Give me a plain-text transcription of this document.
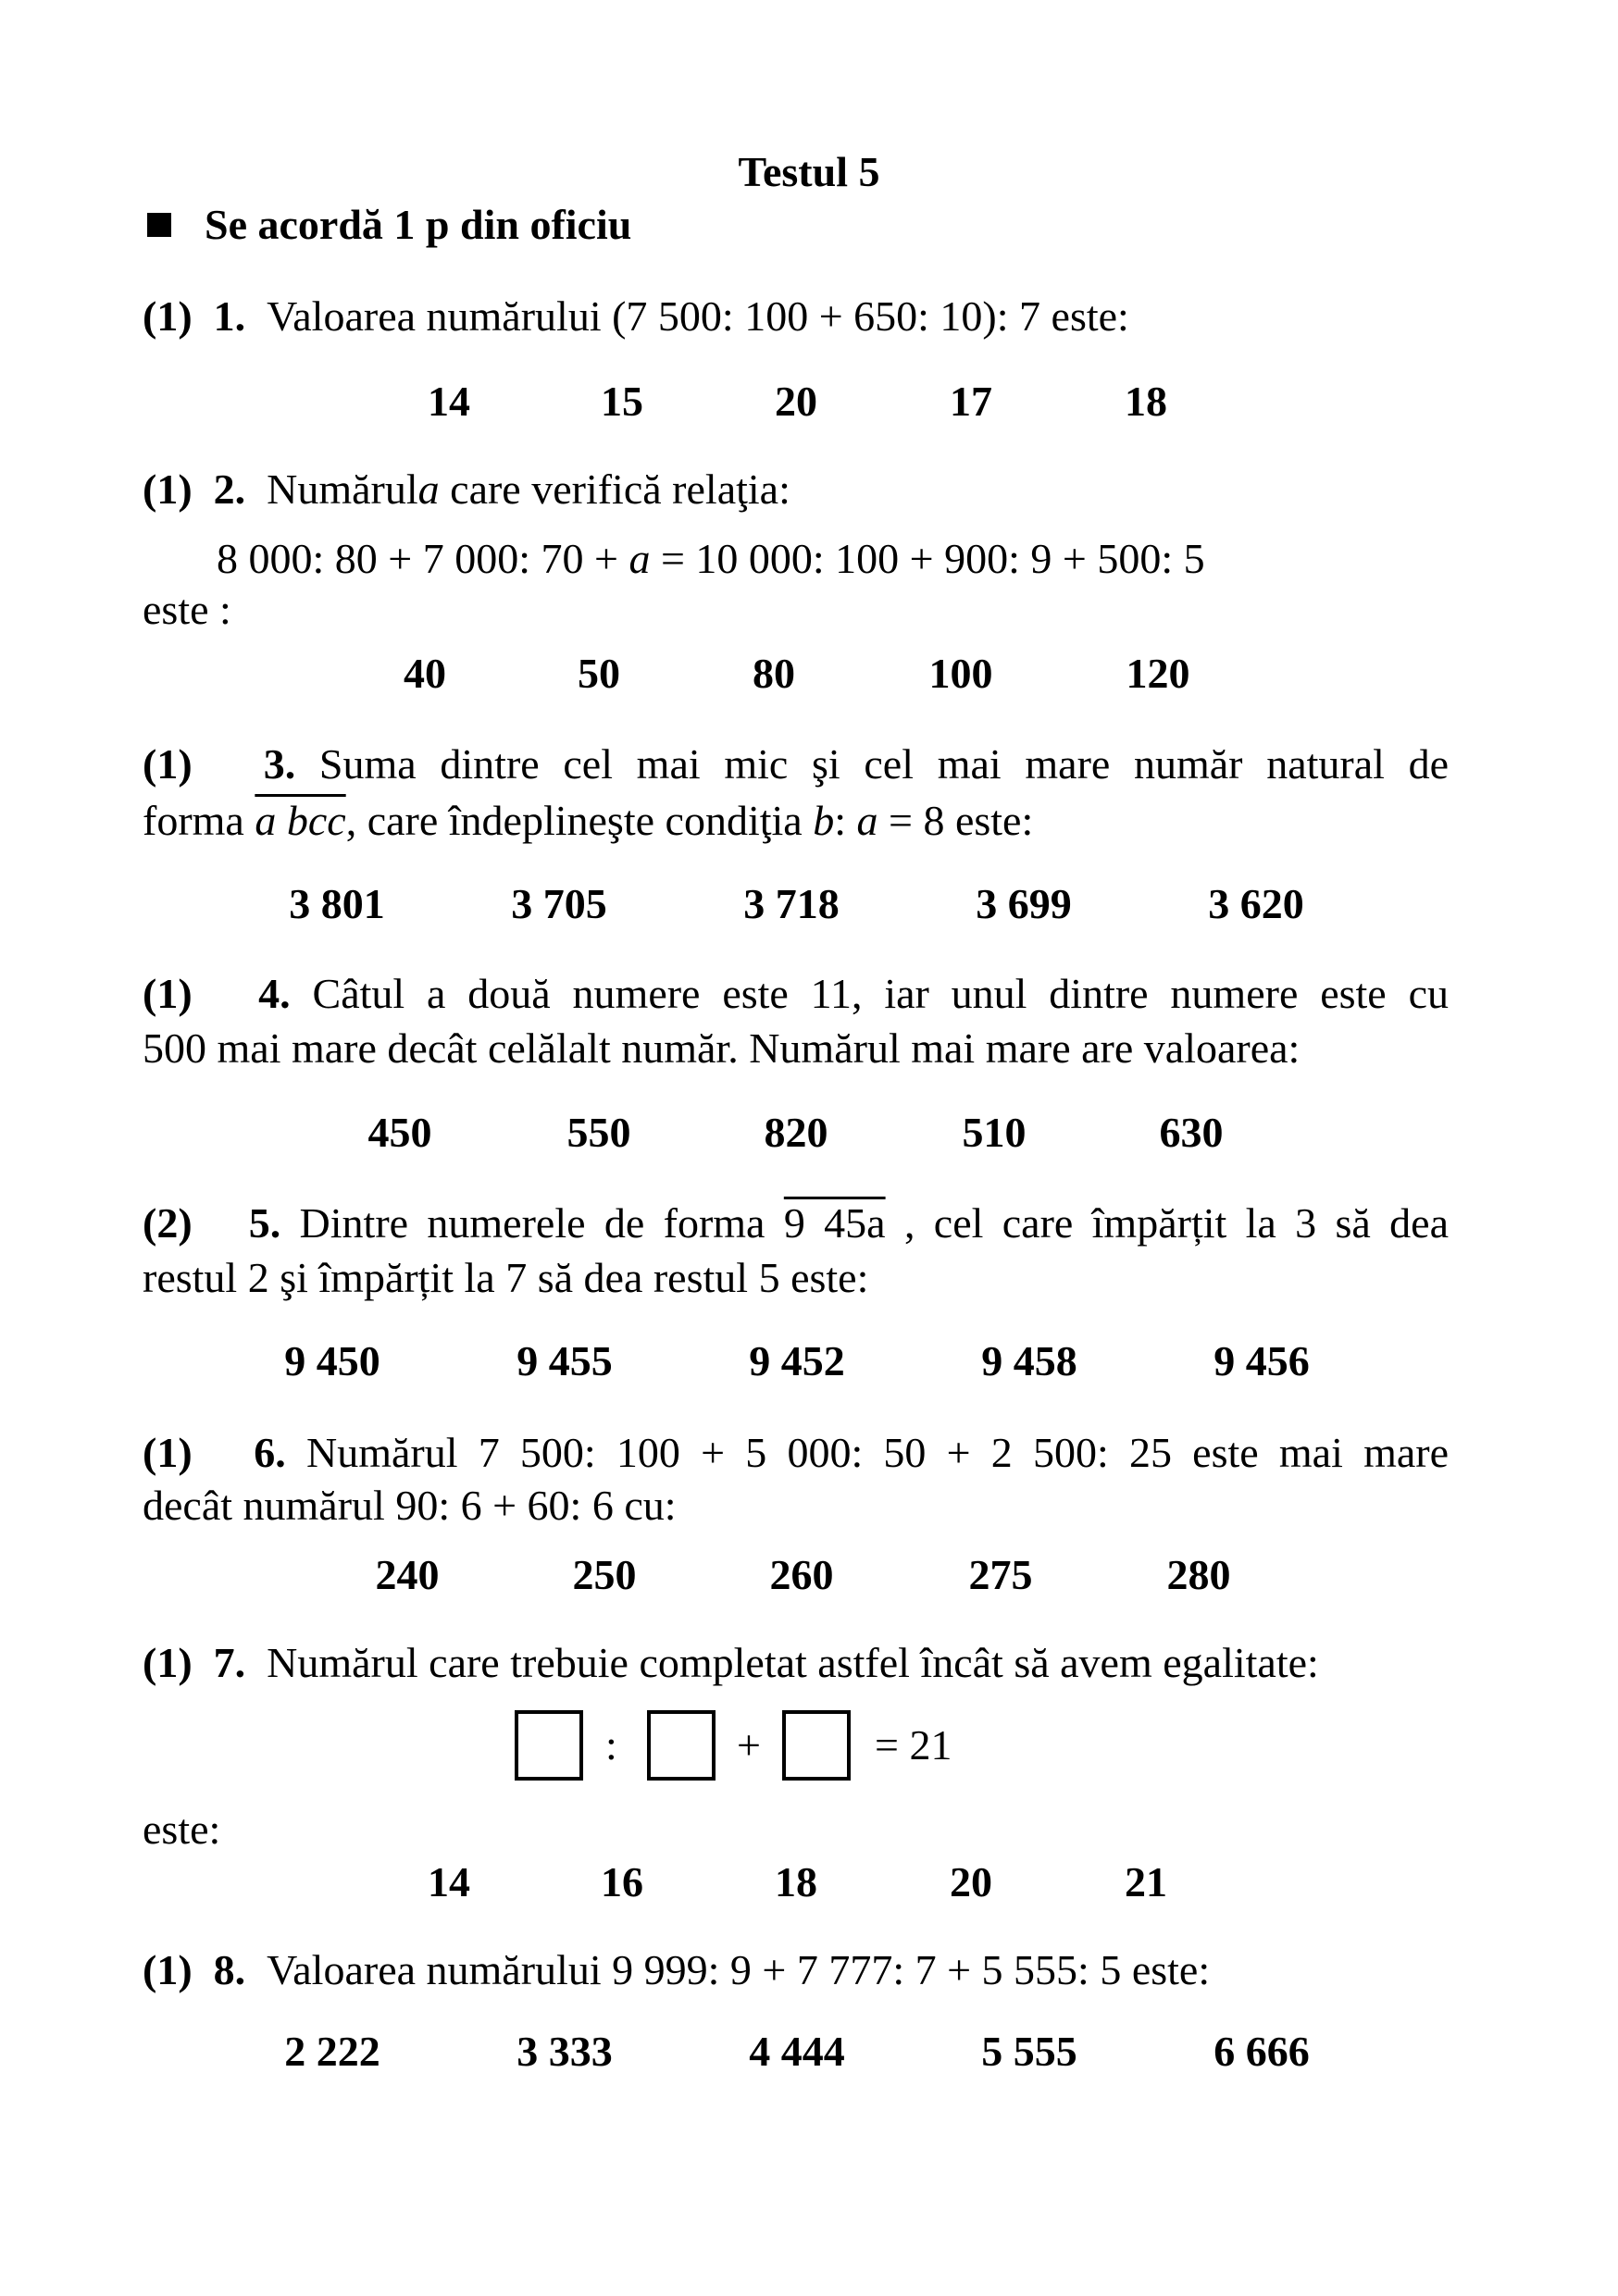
Testul 5
Se acordă 1 p din oficiu
(1) 1. Valoarea numărului (7 500: 100 + 650: 10): 7 este:
14	15	20	17	18
(1) 2. Numărula care verifică relaţia:
8 000: 80 + 7 000: 70 + a = 10 000: 100 + 900: 9 + 500: 5
este :
40	50	80	100	120
(1) 3. Suma dintre cel mai mic şi cel mai mare număr natural de
forma a bcc, care îndeplineşte condiţia b: a = 8 este:
3 801	3 705	3 718	3 699	3 620
(1) 4. Câtul a două numere este 11, iar unul dintre numere este cu
500 mai mare decât celălalt număr. Numărul mai mare are valoarea:
450	550	820	510	630
(2) 5. Dintre numerele de forma 9 45a , cel care împărțit la 3 să dea
restul 2 şi împărțit la 7 să dea restul 5 este:
9 450	9 455	9 452	9 458	9 456
(1) 6. Numărul 7 500: 100 + 5 000: 50 + 2 500: 25 este mai mare
decât numărul 90: 6 + 60: 6 cu:
240	250	260	275	280
(1) 7. Numărul care trebuie completat astfel încât să avem egalitate:
:	+	= 21
este:
14	16	18	20	21
(1) 8. Valoarea numărului 9 999: 9 + 7 777: 7 + 5 555: 5 este:
2 222	3 333	4 444	5 555	6 666
